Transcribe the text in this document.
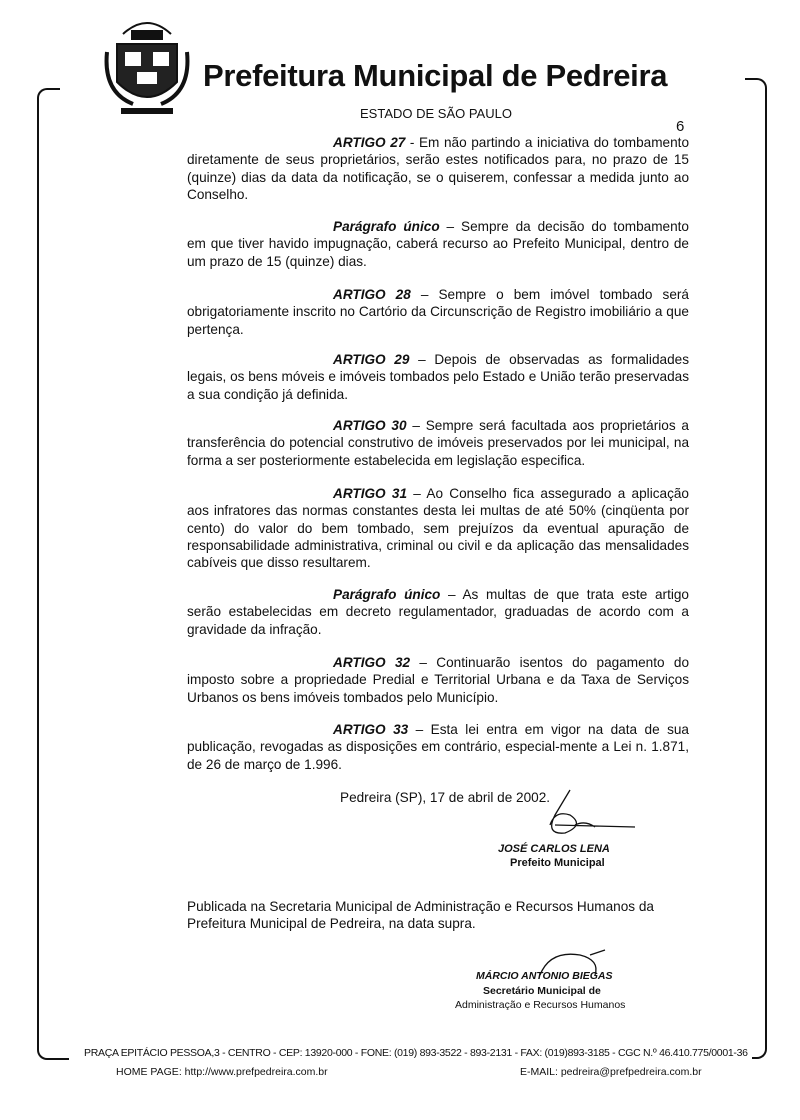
Prefeitura Municipal de Pedreira
ESTADO DE SÃO PAULO
6
ARTIGO 27 - Em não partindo a iniciativa do tombamento diretamente de seus proprietários, serão estes notificados para, no prazo de 15 (quinze) dias da data da notificação, se o quiserem, confessar a medida junto ao Conselho.
Parágrafo único – Sempre da decisão do tombamento em que tiver havido impugnação, caberá recurso ao Prefeito Municipal, dentro de um prazo de 15 (quinze) dias.
ARTIGO 28 – Sempre o bem imóvel tombado será obrigatoriamente inscrito no Cartório da Circunscrição de Registro imobiliário a que pertença.
ARTIGO 29 – Depois de observadas as formalidades legais, os bens móveis e imóveis tombados pelo Estado e União terão preservadas a sua condição já definida.
ARTIGO 30 – Sempre será facultada aos proprietários a transferência do potencial construtivo de imóveis preservados por lei municipal, na forma a ser posteriormente estabelecida em legislação especifica.
ARTIGO 31 – Ao Conselho fica assegurado a aplicação aos infratores das normas constantes desta lei multas de até 50% (cinqüenta por cento) do valor do bem tombado, sem prejuízos da eventual apuração de responsabilidade administrativa, criminal ou civil e da aplicação das mensalidades cabíveis que disso resultarem.
Parágrafo único – As multas de que trata este artigo serão estabelecidas em decreto regulamentador, graduadas de acordo com a gravidade da infração.
ARTIGO 32 – Continuarão isentos do pagamento do imposto sobre a propriedade Predial e Territorial Urbana e da Taxa de Serviços Urbanos os bens imóveis tombados pelo Município.
ARTIGO 33 – Esta lei entra em vigor na data de sua publicação, revogadas as disposições em contrário, especial-mente a Lei n. 1.871, de 26 de março de 1.996.
Pedreira (SP), 17 de abril de 2002.
JOSÉ CARLOS LENA
Prefeito Municipal
Publicada na Secretaria Municipal de Administração e Recursos Humanos da Prefeitura Municipal de Pedreira, na data supra.
MÁRCIO ANTONIO BIEGAS
Secretário Municipal de
Administração e Recursos Humanos
PRAÇA EPITÁCIO PESSOA,3 - CENTRO - CEP: 13920-000 - FONE: (019) 893-3522 - 893-2131 - FAX: (019)893-3185 - CGC N.º 46.410.775/0001-36
HOME PAGE: http://www.prefpedreira.com.br	E-MAIL: pedreira@prefpedreira.com.br
